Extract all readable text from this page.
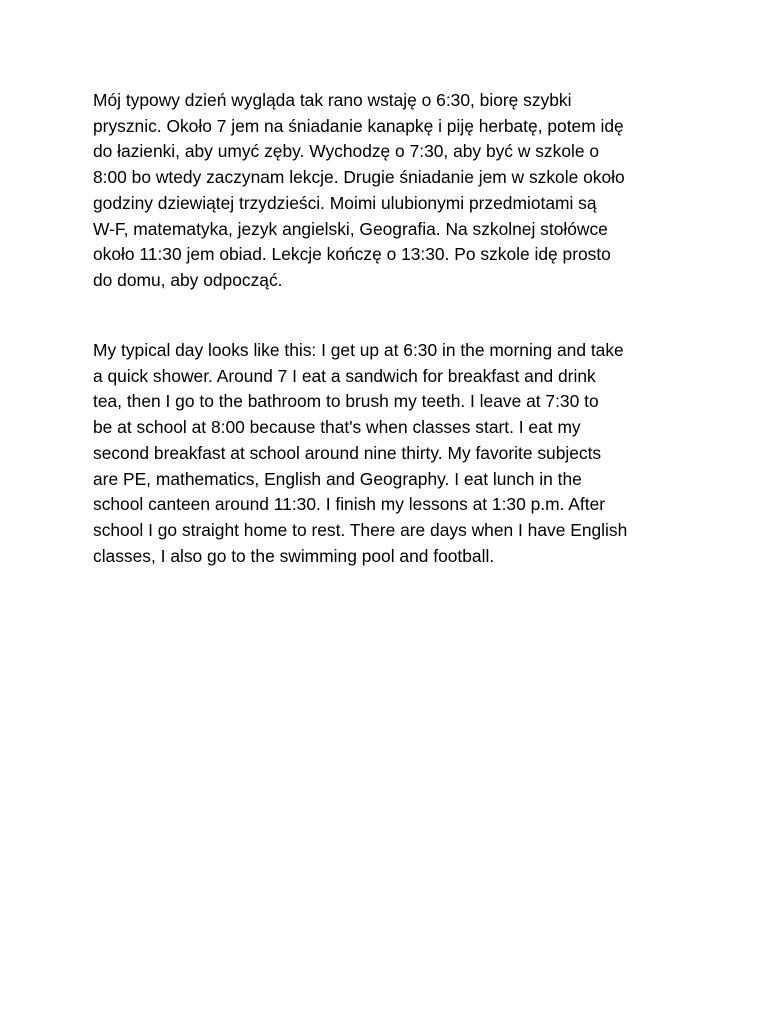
Mój typowy dzień wygląda tak rano wstaję o 6:30, biorę szybki
prysznic. Około 7 jem na śniadanie kanapkę i piję herbatę, potem idę
do łazienki, aby umyć zęby. Wychodzę o 7:30, aby być w szkole o
8:00 bo wtedy zaczynam lekcje. Drugie śniadanie jem w szkole około
godziny dziewiątej trzydzieści. Moimi ulubionymi przedmiotami są
W-F, matematyka, jezyk angielski, Geografia. Na szkolnej stołówce
około 11:30 jem obiad. Lekcje kończę o 13:30. Po szkole idę prosto
do domu, aby odpocząć.

My typical day looks like this: I get up at 6:30 in the morning and take
a quick shower. Around 7 I eat a sandwich for breakfast and drink
tea, then I go to the bathroom to brush my teeth. I leave at 7:30 to
be at school at 8:00 because that's when classes start. I eat my
second breakfast at school around nine thirty. My favorite subjects
are PE, mathematics, English and Geography. I eat lunch in the
school canteen around 11:30. I finish my lessons at 1:30 p.m. After
school I go straight home to rest. There are days when I have English
classes, I also go to the swimming pool and football.
